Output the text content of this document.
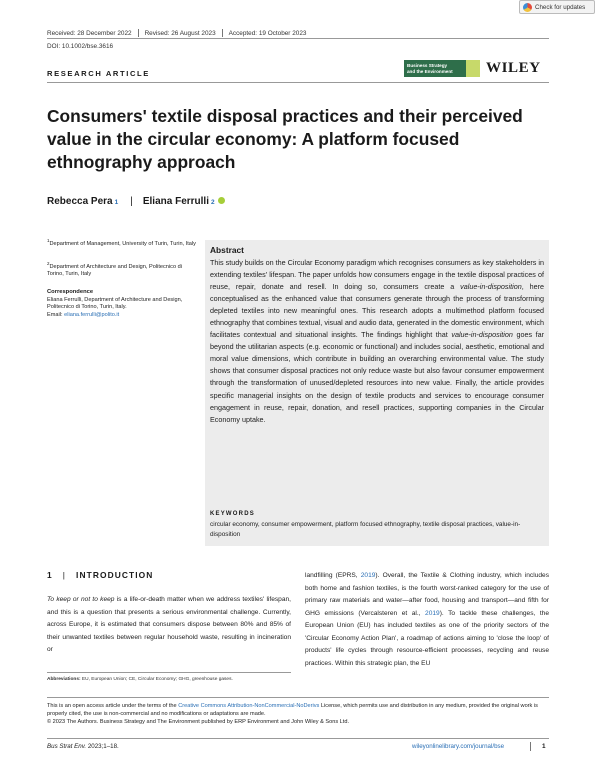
Received: 28 December 2022 Revised: 26 August 2023 Accepted: 19 October 2023
DOI: 10.1002/bse.3616
Check for updates
RESEARCH ARTICLE
Business Strategy
and the Environment	WILEY
Consumers' textile disposal practices and their perceived value in the circular economy: A platform focused ethnography approach
Rebecca Pera 1 | Eliana Ferrulli 2
$^1$Department of Management, University of Turin, Turin, Italy
$^2$Department of Architecture and Design, Politecnico di Torino, Turin, Italy
Correspondence
Eliana Ferrulli, Department of Architecture and Design, Politecnico di Torino, Turin, Italy.
Email: eliana.ferrulli@polito.it
Abstract

This study builds on the Circular Economy paradigm which recognises consumers as key stakeholders in extending textiles' lifespan. The paper unfolds how consumers engage in the textile disposal practices of reuse, repair, donate and resell. In doing so, consumers create a value-in-disposition, here conceptualised as the enhanced value that consumers generate through the process of transforming depleted textiles into new meaningful ones. This research adopts a multimethod platform focused ethnography that combines textual, visual and audio data, generated in the domestic environment, which facilitates contextual and situational insights. The findings highlight that value-in-disposition goes far beyond the utilitarian aspects (e.g. economic or functional) and includes social, aesthetic, emotional and moral value dimensions, which contribute in building an overarching environmental value. The study shows that consumer disposal practices not only reduce waste but also favour consumer empowerment through the transformation of unused/depleted resources into new value. Finally, the article provides specific managerial insights on the design of textile products and services to encourage consumer engagement in reuse, repair, donation, and resell practices, supporting companies in the Circular Economy uptake.

KEYWORDS
circular economy, consumer empowerment, platform focused ethnography, textile disposal practices, value-in-disposition
1 | INTRODUCTION

To keep or not to keep is a life-or-death matter when we address textiles' lifespan, and this is a question that presents a serious environmental challenge. Currently, across Europe, it is estimated that consumers dispose between 80% and 85% of their unwanted textiles between regular household waste, resulting in incineration or

landfilling (EPRS, 2019). Overall, the Textile & Clothing industry, which includes both home and fashion textiles, is the fourth worst-ranked category for the use of primary raw materials and water—after food, housing and transport—and fifth for GHG emissions (Vercalsteren et al., 2019). To tackle these challenges, the European Union (EU) has included textiles as one of the priority sectors of the 'Circular Economy Action Plan', a roadmap of actions aiming to 'close the loop' of products' life cycles through resource-efficient processes, recycling and reuse practices. Within this strategic plan, the EU

Abbreviations: EU, European Union; CE, Circular Economy; GHG, greenhouse gases.
This is an open access article under the terms of the Creative Commons Attribution-NonCommercial-NoDerivs License, which permits use and distribution in any medium, provided the original work is properly cited, the use is non-commercial and no modifications or adaptations are made.
© 2023 The Authors. Business Strategy and The Environment published by ERP Environment and John Wiley & Sons Ltd.
Bus Strat Env. 2023;1–18.	wileyonlinelibrary.com/journal/bse	1
